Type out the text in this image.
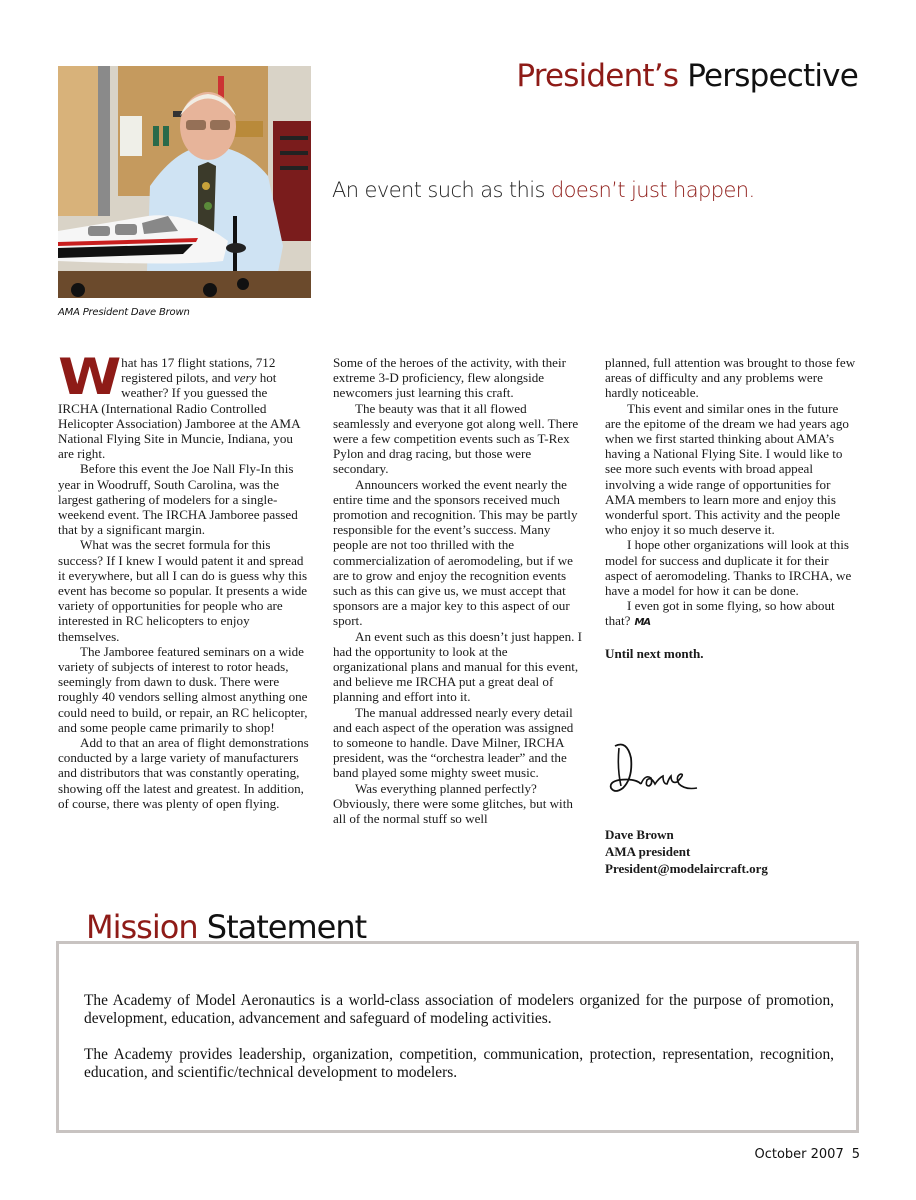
AMA President Dave Brown
President’s Perspective
An event such as this doesn’t just happen.

What has 17 flight stations, 712 registered pilots, and very hot weather? If you guessed the IRCHA (International Radio Controlled Helicopter Association) Jamboree at the AMA National Flying Site in Muncie, Indiana, you are right.

Before this event the Joe Nall Fly-In this year in Woodruff, South Carolina, was the largest gathering of modelers for a single-weekend event. The IRCHA Jamboree passed that by a significant margin.

What was the secret formula for this success? If I knew I would patent it and spread it everywhere, but all I can do is guess why this event has become so popular. It presents a wide variety of opportunities for people who are interested in RC helicopters to enjoy themselves.

The Jamboree featured seminars on a wide variety of subjects of interest to rotor heads, seemingly from dawn to dusk. There were roughly 40 vendors selling almost anything one could need to build, or repair, an RC helicopter, and some people came primarily to shop!

Add to that an area of flight demonstrations conducted by a large variety of manufacturers and distributors that was constantly operating, showing off the latest and greatest. In addition, of course, there was plenty of open flying.

Some of the heroes of the activity, with their extreme 3-D proficiency, flew alongside newcomers just learning this craft.

The beauty was that it all flowed seamlessly and everyone got along well. There were a few competition events such as T-Rex Pylon and drag racing, but those were secondary.

Announcers worked the event nearly the entire time and the sponsors received much promotion and recognition. This may be partly responsible for the event’s success. Many people are not too thrilled with the commercialization of aeromodeling, but if we are to grow and enjoy the recognition events such as this can give us, we must accept that sponsors are a major key to this aspect of our sport.

An event such as this doesn’t just happen. I had the opportunity to look at the organizational plans and manual for this event, and believe me IRCHA put a great deal of planning and effort into it.

The manual addressed nearly every detail and each aspect of the operation was assigned to someone to handle. Dave Milner, IRCHA president, was the “orchestra leader” and the band played some mighty sweet music.

Was everything planned perfectly? Obviously, there were some glitches, but with all of the normal stuff so well

planned, full attention was brought to those few areas of difficulty and any problems were hardly noticeable.

This event and similar ones in the future are the epitome of the dream we had years ago when we first started thinking about AMA’s having a National Flying Site. I would like to see more such events with broad appeal involving a wide range of opportunities for AMA members to learn more and enjoy this wonderful sport. This activity and the people who enjoy it so much deserve it.

I hope other organizations will look at this model for success and duplicate it for their aspect of aeromodeling. Thanks to IRCHA, we have a model for how it can be done.

I even got in some flying, so how about that? MA

Until next month.

Dave Brown
AMA president
President@modelaircraft.org
Mission Statement

The Academy of Model Aeronautics is a world-class association of modelers organized for the purpose of promotion, development, education, advancement and safeguard of modeling activities.

The Academy provides leadership, organization, competition, communication, protection, representation, recognition, education, and scientific/technical development to modelers.

October 2007 5
